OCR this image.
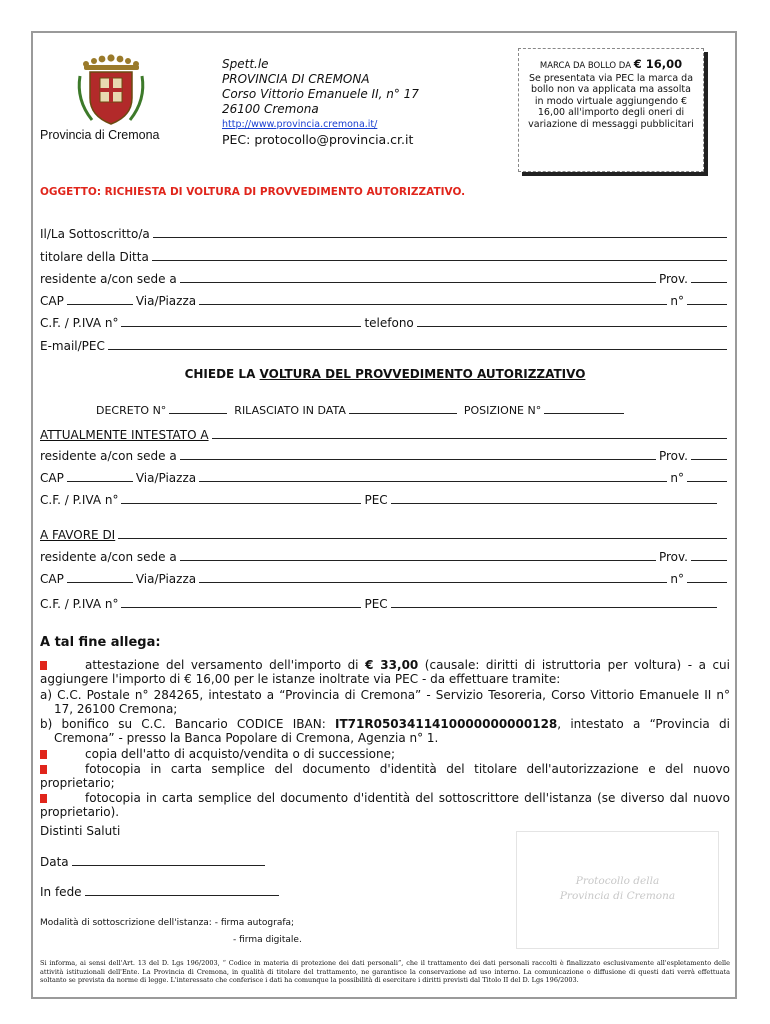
Provincia di Cremona
Spett.le
PROVINCIA DI CREMONA
Corso Vittorio Emanuele II, n° 17
26100 Cremona
http://www.provincia.cremona.it/
PEC: protocollo@provincia.cr.it
MARCA DA BOLLO DA € 16,00
Se presentata via PEC la marca da bollo non va applicata ma assolta in modo virtuale aggiungendo € 16,00 all'importo degli oneri di variazione di messaggi pubblicitari
OGGETTO: RICHIESTA DI VOLTURA DI PROVVEDIMENTO AUTORIZZATIVO.
Il/La Sottoscritto/a
titolare della Ditta
residente a/con sede a	Prov.
CAP	Via/Piazza	n°
C.F. / P.IVA n°	telefono
E-mail/PEC
CHIEDE LA VOLTURA DEL PROVVEDIMENTO AUTORIZZATIVO
DECRETO N°	RILASCIATO IN DATA	POSIZIONE N°
ATTUALMENTE INTESTATO A
residente a/con sede a	Prov.
CAP	Via/Piazza	n°
C.F. / P.IVA n°	PEC
A FAVORE DI
residente a/con sede a	Prov.
CAP	Via/Piazza	n°
C.F. / P.IVA n°	PEC
A tal fine allega:
attestazione del versamento dell'importo di € 33,00 (causale: diritti di istruttoria per voltura) - a cui aggiungere l'importo di € 16,00 per le istanze inoltrate via PEC - da effettuare tramite:
a) C.C. Postale n° 284265, intestato a “Provincia di Cremona” - Servizio Tesoreria, Corso Vittorio Emanuele II n° 17, 26100 Cremona;
b) bonifico su C.C. Bancario CODICE IBAN: IT71R0503411410000000000128, intestato a “Provincia di Cremona” - presso la Banca Popolare di Cremona, Agenzia n° 1.
copia dell'atto di acquisto/vendita o di successione;
fotocopia in carta semplice del documento d'identità del titolare dell'autorizzazione e del nuovo proprietario;
fotocopia in carta semplice del documento d'identità del sottoscrittore dell'istanza (se diverso dal nuovo proprietario).
Distinti Saluti
Data
In fede
Modalità di sottoscrizione dell'istanza: - firma autografa;
- firma digitale.
Protocollo della
Provincia di Cremona
Si informa, ai sensi dell'Art. 13 del D. Lgs 196/2003, “ Codice in materia di protezione dei dati personali”, che il trattamento dei dati personali raccolti è finalizzato esclusivamente all'espletamento delle attività istituzionali dell'Ente. La Provincia di Cremona, in qualità di titolare del trattamento, ne garantisce la conservazione ad uso interno. La comunicazione o diffusione di questi dati verrà effettuata soltanto se prevista da norme di legge. L'interessato che conferisce i dati ha comunque la possibilità di esercitare i diritti previsti dal Titolo II del D. Lgs 196/2003.
